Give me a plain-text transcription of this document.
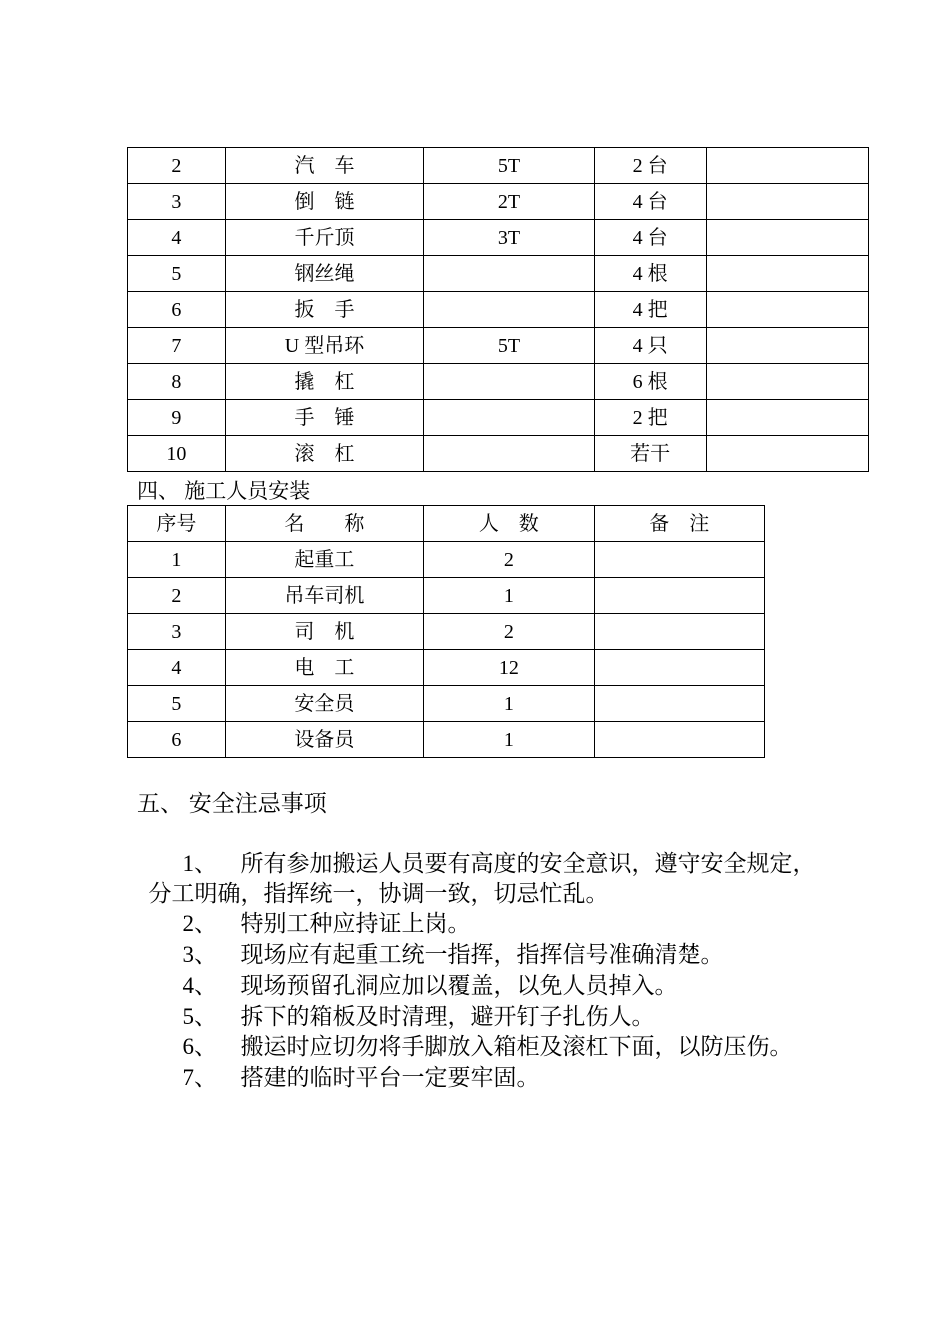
2	汽　车	5T	2 台	
3	倒　链	2T	4 台	
4	千斤顶	3T	4 台	
5	钢丝绳		4 根	
6	扳　手		4 把	
7	U 型吊环	5T	4 只	
8	撬　杠		6 根	
9	手　锤		2 把	
10	滚　杠		若干	
四、 施工人员安装
序号	名　　称	人　数	备　注
1	起重工	2	
2	吊车司机	1	
3	司　机	2	
4	电　工	12	
5	安全员	1	
6	设备员	1	
五、 安全注忌事项

1、 所有参加搬运人员要有高度的安全意识，遵守安全规定，

分工明确，指挥统一，协调一致，切忌忙乱。

2、 特别工种应持证上岗。

3、 现场应有起重工统一指挥，指挥信号准确清楚。

4、 现场预留孔洞应加以覆盖，以免人员掉入。

5、 拆下的箱板及时清理，避开钉子扎伤人。

6、 搬运时应切勿将手脚放入箱柜及滚杠下面，以防压伤。

7、 搭建的临时平台一定要牢固。
